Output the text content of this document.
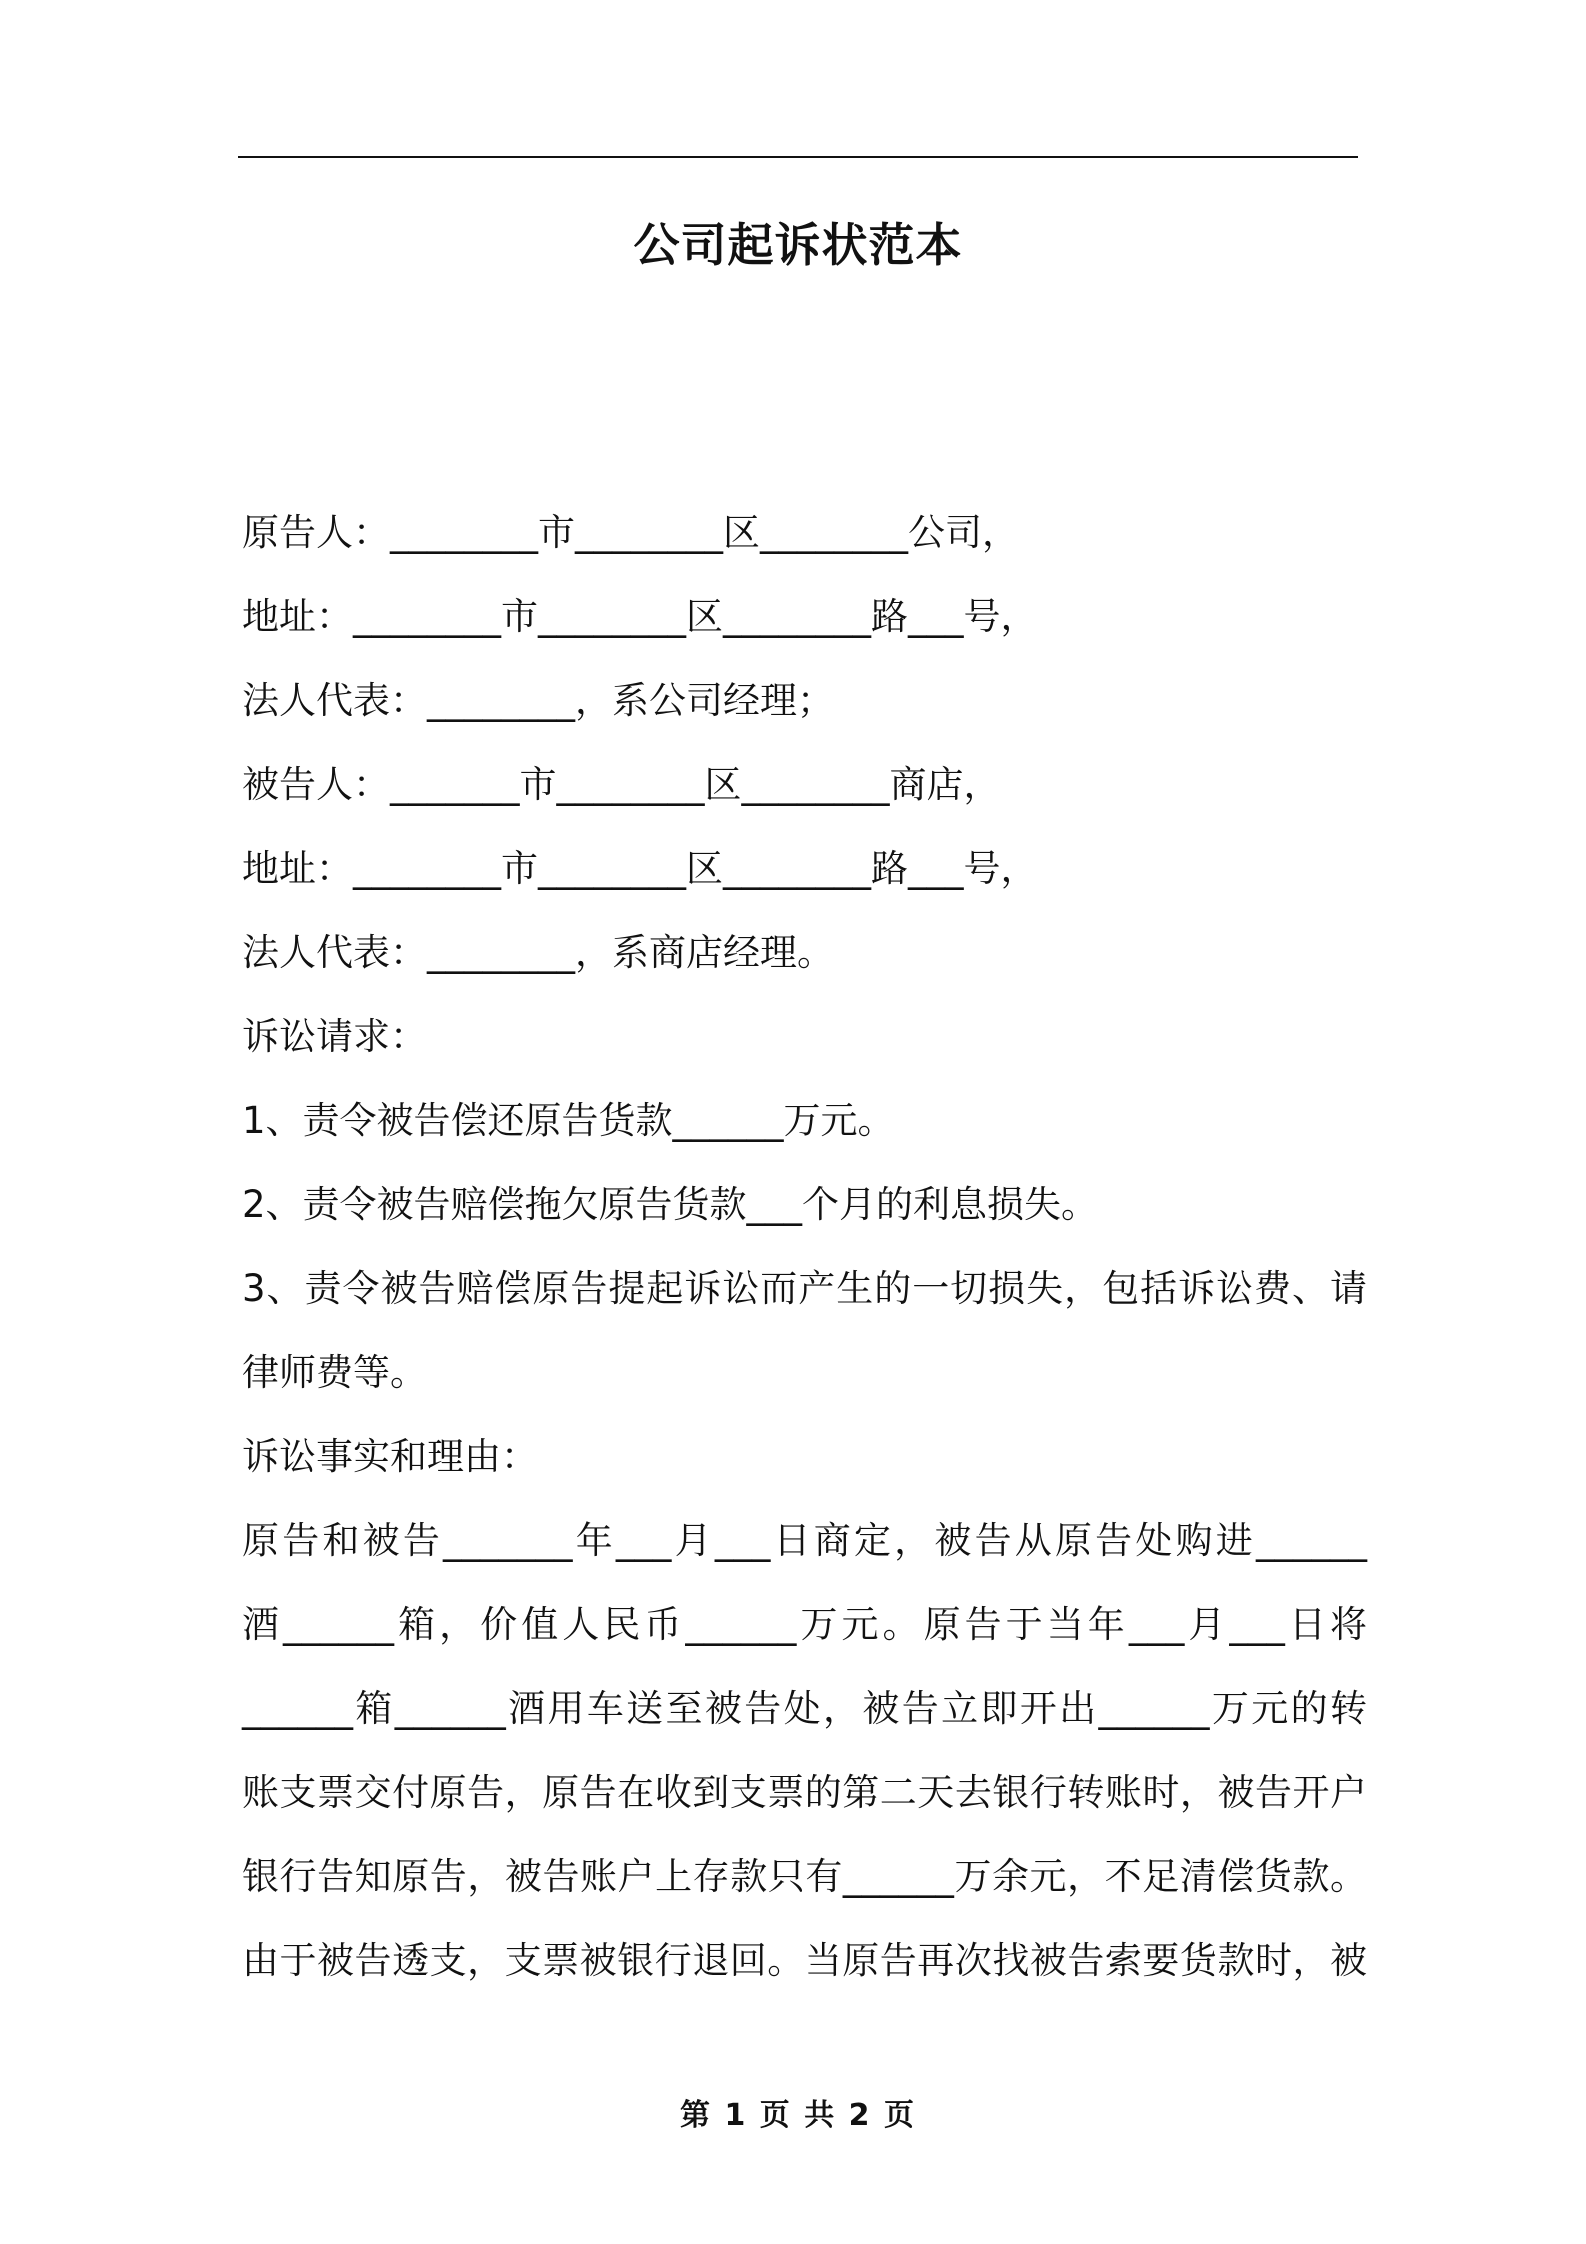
公司起诉状范本
原告人：________市________区________公司，
地址：________市________区________路___号，
法人代表：________，系公司经理；
被告人：_______市________区________商店，
地址：________市________区________路___号，
法人代表：________，系商店经理。
诉讼请求：
1、责令被告偿还原告货款______万元。
2、责令被告赔偿拖欠原告货款___个月的利息损失。
3、责令被告赔偿原告提起诉讼而产生的一切损失，包括诉讼费、请
律师费等。
诉讼事实和理由：
原告和被告_______年___月___日商定，被告从原告处购进______
酒______箱，价值人民币______万元。原告于当年___月___日将
______箱______酒用车送至被告处，被告立即开出______万元的转
账支票交付原告，原告在收到支票的第二天去银行转账时，被告开户
银行告知原告，被告账户上存款只有______万余元，不足清偿货款。
由于被告透支，支票被银行退回。当原告再次找被告索要货款时，被
第 1 页 共 2 页
